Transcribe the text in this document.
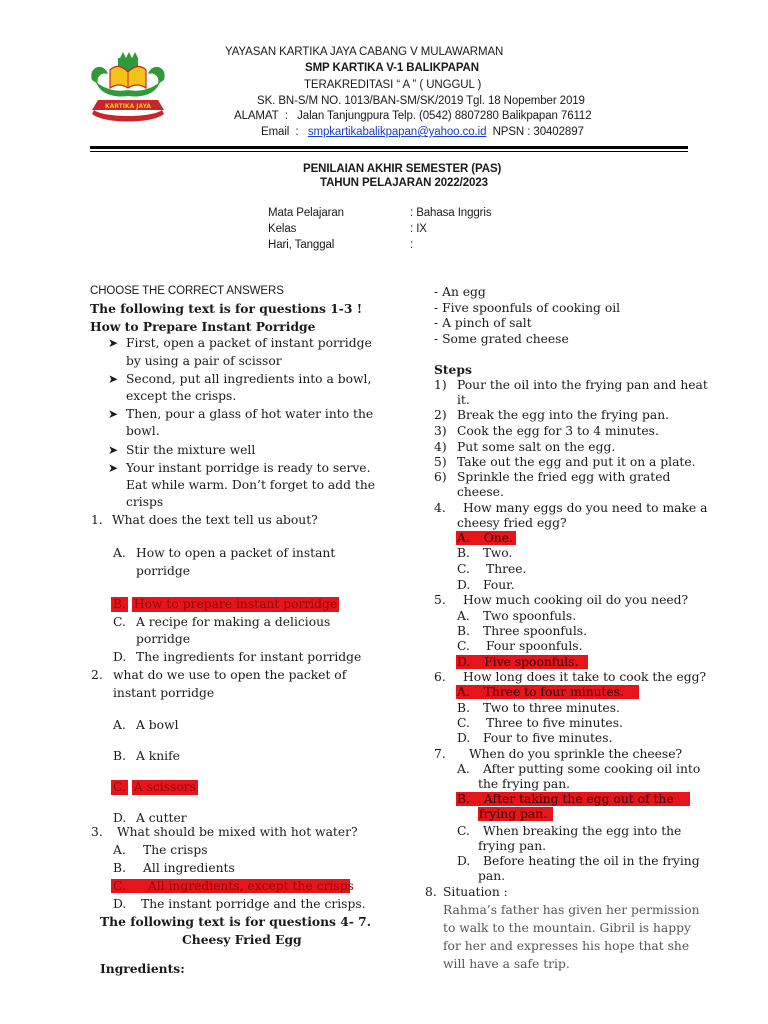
KARTIKA JAYA
YAYASAN KARTIKA JAYA CABANG V MULAWARMAN
SMP KARTIKA V-1 BALIKPAPAN
TERAKREDITASI “ A ” ( UNGGUL )
SK. BN-S/M NO. 1013/BAN-SM/SK/2019 Tgl. 18 Nopember 2019
ALAMAT  :   Jalan Tanjungpura Telp. (0542) 8807280 Balikpapan 76112
Email  :   smpkartikabalikpapan@yahoo.co.id NPSN : 30402897
PENILAIAN AKHIR SEMESTER (PAS)
TAHUN PELAJARAN 2022/2023
Mata Pelajaran	: Bahasa Inggris
Kelas	: IX
Hari, Tanggal	:
CHOOSE THE CORRECT ANSWERS
The following text is for questions 1-3 !
How to Prepare Instant Porridge
➤ First, open a packet of instant porridge
by using a pair of scissor
➤ Second, put all ingredients into a bowl,
except the crisps.
➤ Then, pour a glass of hot water into the
bowl.
➤ Stir the mixture well
➤ Your instant porridge is ready to serve.
Eat while warm. Don’t forget to add the
crisps
1. What does the text tell us about?
A. How to open a packet of instant
porridge
B. How to prepare instant porridge
C. A recipe for making a delicious
porridge
D. The ingredients for instant porridge
2. what do we use to open the packet of
instant porridge
A. A bowl
B. A knife
C. A scissors
D. A cutter
3. What should be mixed with hot water?
A. The crisps
B. All ingredients
C. All ingredients, except the crisps
D. The instant porridge and the crisps.
The following text is for questions 4- 7.
Cheesy Fried Egg
Ingredients:
- An egg
- Five spoonfuls of cooking oil
- A pinch of salt
- Some grated cheese
Steps
1) Pour the oil into the frying pan and heat
it.
2) Break the egg into the frying pan.
3) Cook the egg for 3 to 4 minutes.
4) Put some salt on the egg.
5) Take out the egg and put it on a plate.
6) Sprinkle the fried egg with grated
cheese.
4. How many eggs do you need to make a
cheesy fried egg?
A. One.
B. Two.
C. Three.
D. Four.
5. How much cooking oil do you need?
A. Two spoonfuls.
B. Three spoonfuls.
C. Four spoonfuls.
D. Five spoonfuls.
6. How long does it take to cook the egg?
A. Three to four minutes.
B. Two to three minutes.
C. Three to five minutes.
D. Four to five minutes.
7. When do you sprinkle the cheese?
A. After putting some cooking oil into
the frying pan.
B. After taking the egg out of the
frying pan.
C. When breaking the egg into the
frying pan.
D. Before heating the oil in the frying
pan.
8. Situation :
Rahma’s father has given her permission
to walk to the mountain. Gibril is happy
for her and expresses his hope that she
will have a safe trip.
